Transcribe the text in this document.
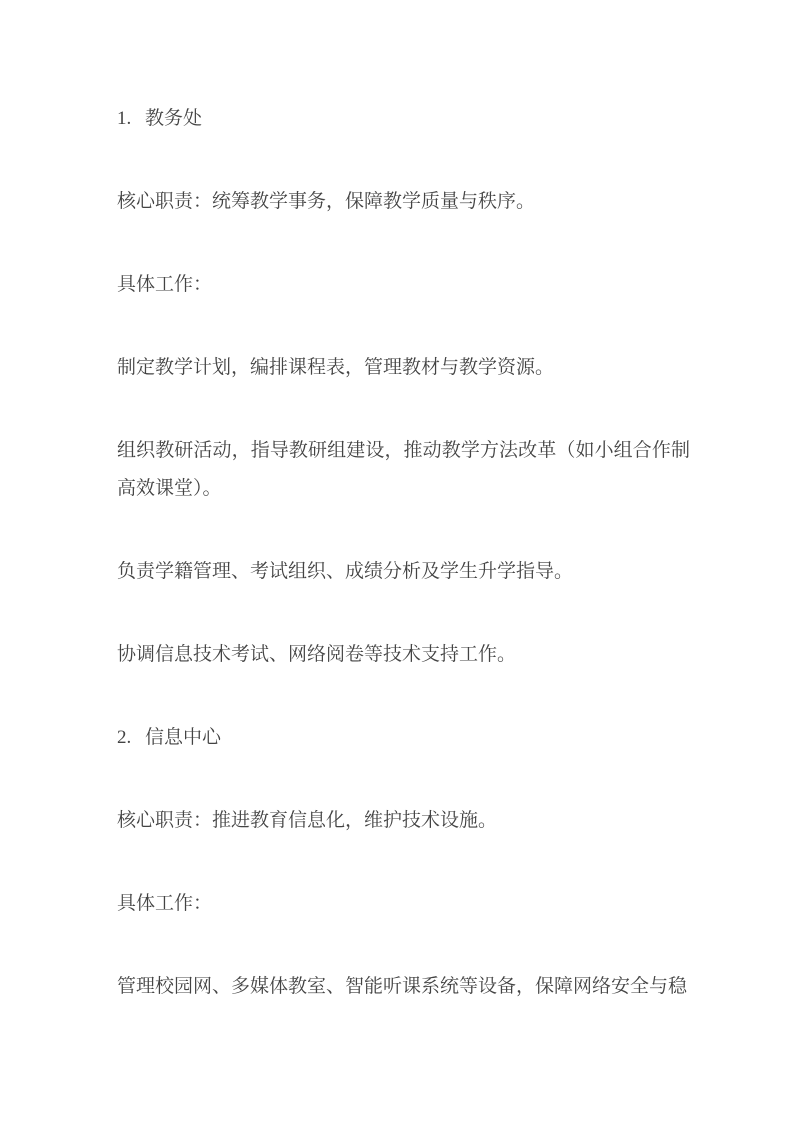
1. 教务处

核心职责：统筹教学事务，保障教学质量与秩序。

具体工作：

制定教学计划，编排课程表，管理教材与教学资源。

组织教研活动，指导教研组建设，推动教学方法改革（如小组合作制高效课堂）。

负责学籍管理、考试组织、成绩分析及学生升学指导。

协调信息技术考试、网络阅卷等技术支持工作。

2. 信息中心

核心职责：推进教育信息化，维护技术设施。

具体工作：

管理校园网、多媒体教室、智能听课系统等设备，保障网络安全与稳
